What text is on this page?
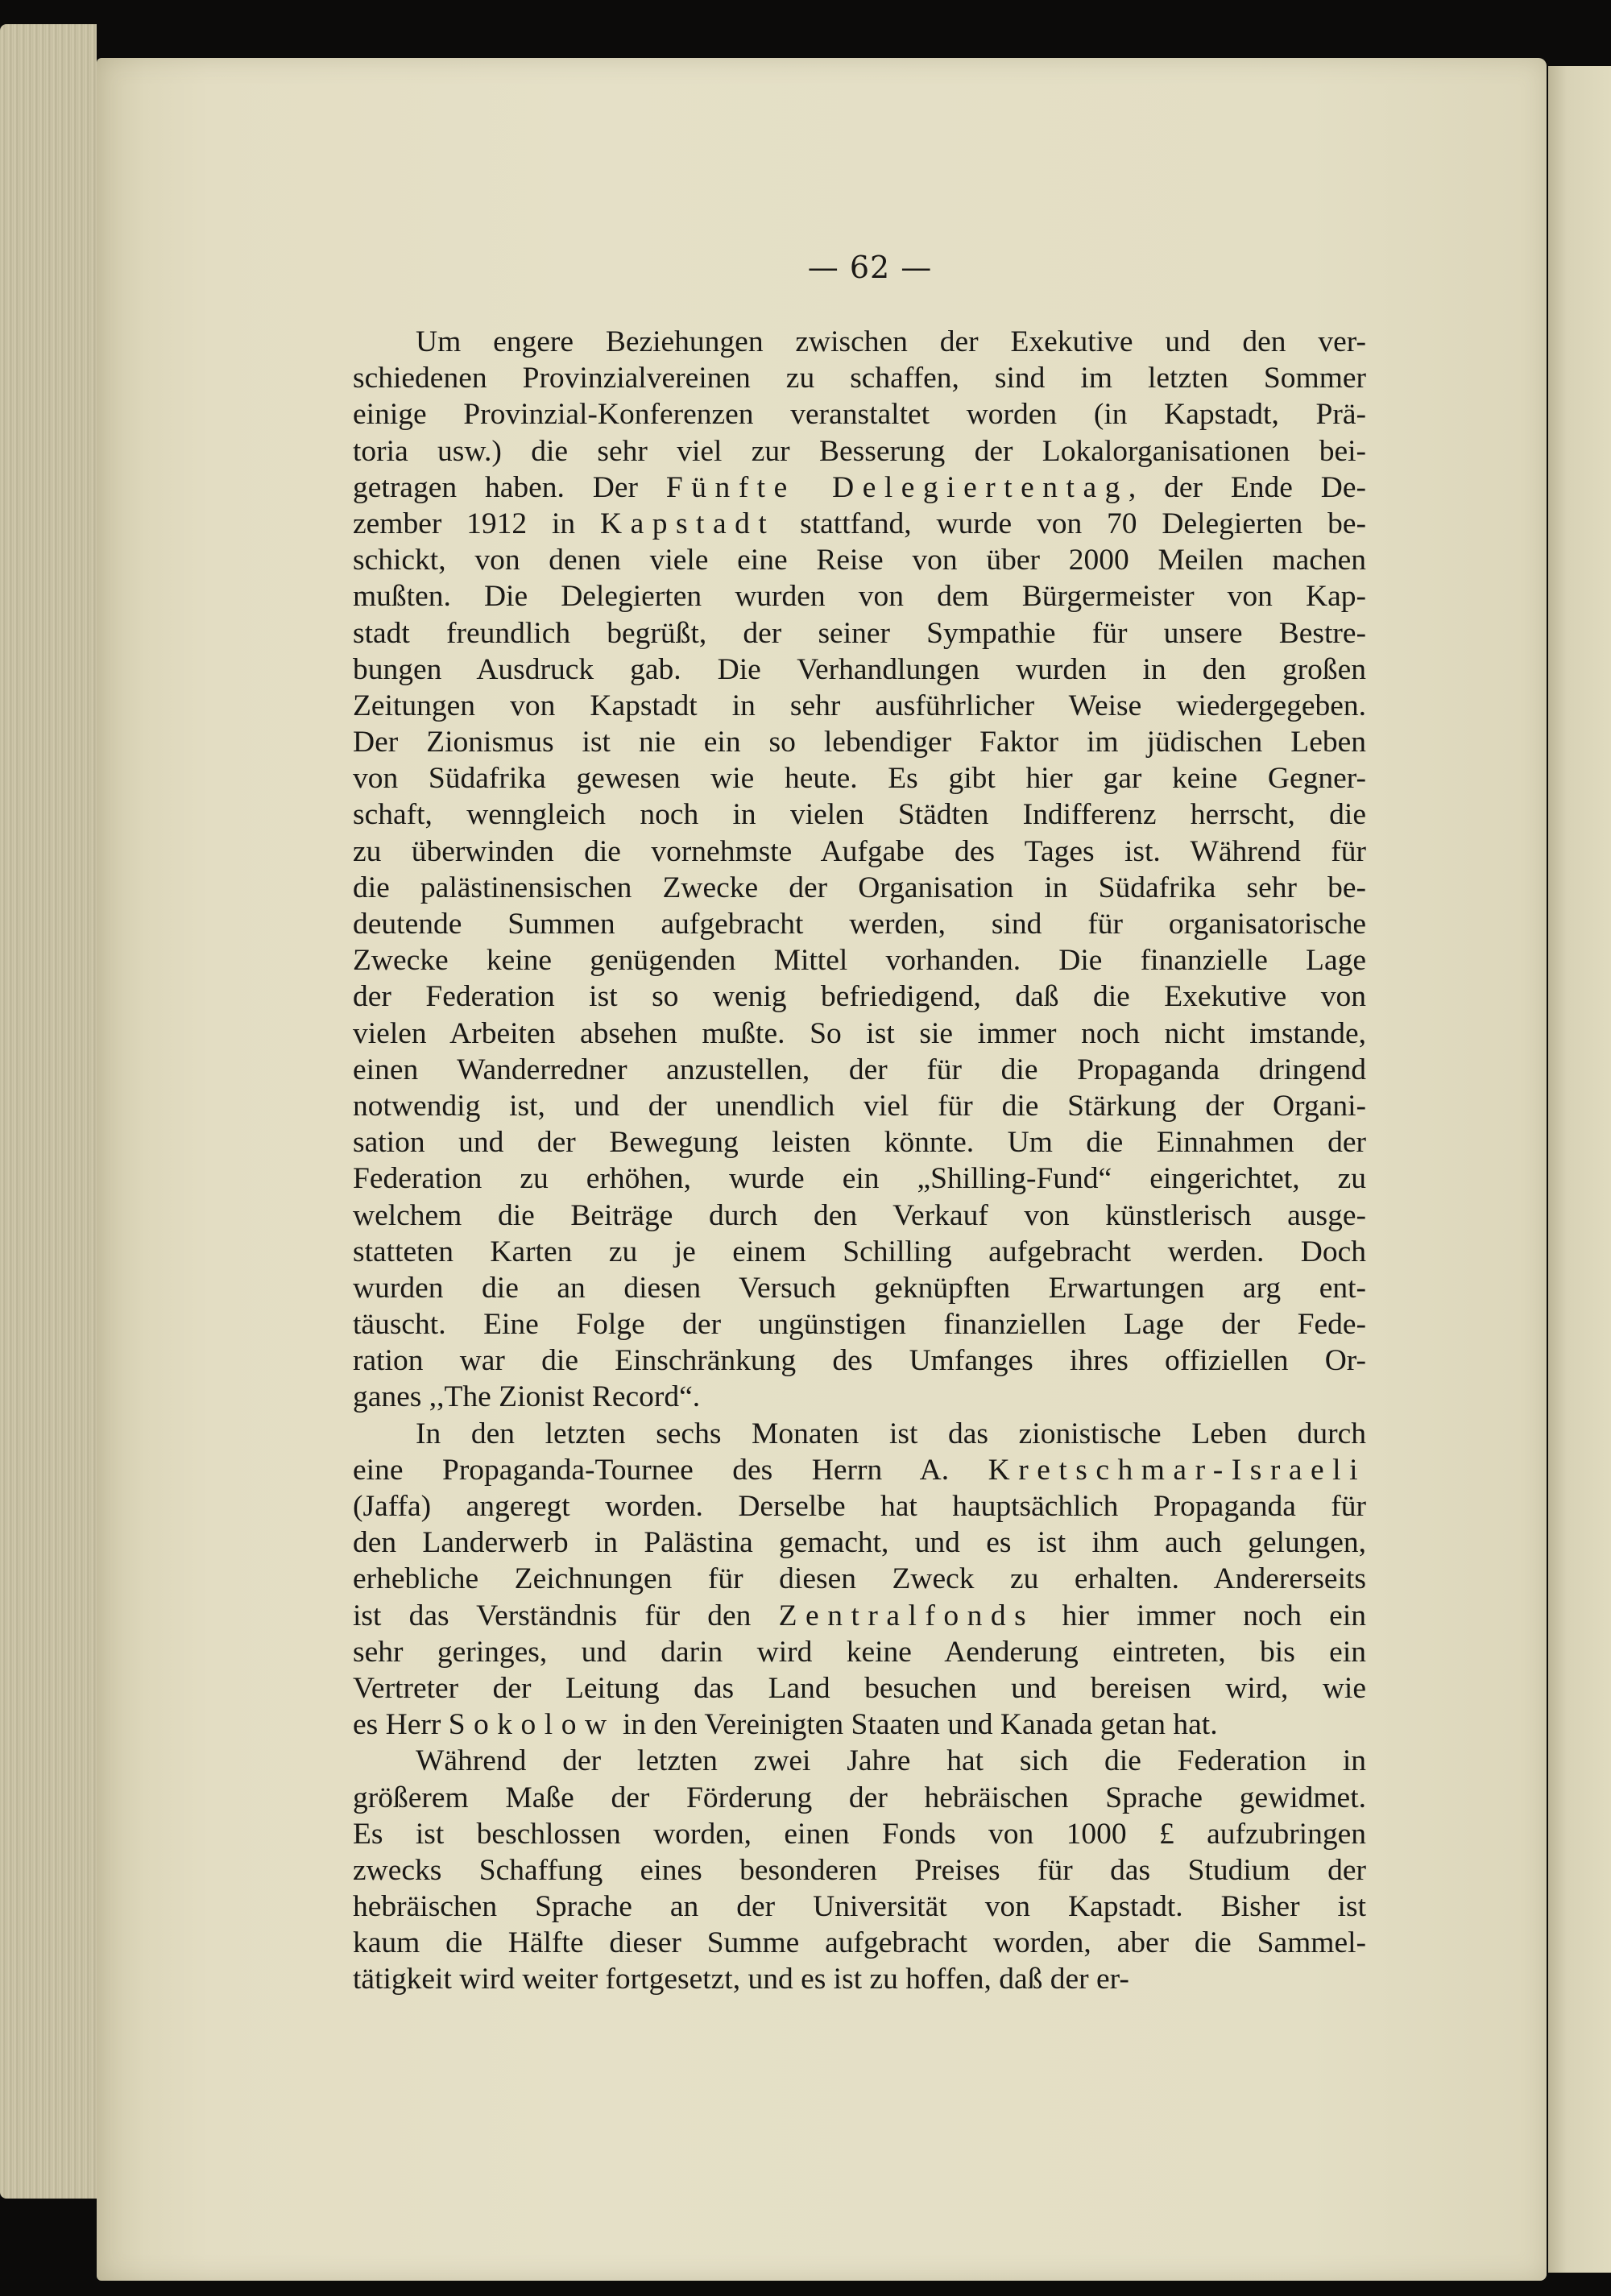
— 62 —
Um engere Beziehungen zwischen der Exekutive und den ver-
schiedenen Provinzialvereinen zu schaffen, sind im letzten Sommer
einige Provinzial-Konferenzen veranstaltet worden (in Kapstadt, Prä-
toria usw.) die sehr viel zur Besserung der Lokalorganisationen bei-
getragen haben. Der Fünfte Delegiertentag, der Ende De-
zember 1912 in Kapstadt stattfand, wurde von 70 Delegierten be-
schickt, von denen viele eine Reise von über 2000 Meilen machen
mußten. Die Delegierten wurden von dem Bürgermeister von Kap-
stadt freundlich begrüßt, der seiner Sympathie für unsere Bestre-
bungen Ausdruck gab. Die Verhandlungen wurden in den großen
Zeitungen von Kapstadt in sehr ausführlicher Weise wiedergegeben.
Der Zionismus ist nie ein so lebendiger Faktor im jüdischen Leben
von Südafrika gewesen wie heute. Es gibt hier gar keine Gegner-
schaft, wenngleich noch in vielen Städten Indifferenz herrscht, die
zu überwinden die vornehmste Aufgabe des Tages ist. Während für
die palästinensischen Zwecke der Organisation in Südafrika sehr be-
deutende Summen aufgebracht werden, sind für organisatorische
Zwecke keine genügenden Mittel vorhanden. Die finanzielle Lage
der Federation ist so wenig befriedigend, daß die Exekutive von
vielen Arbeiten absehen mußte. So ist sie immer noch nicht imstande,
einen Wanderredner anzustellen, der für die Propaganda dringend
notwendig ist, und der unendlich viel für die Stärkung der Organi-
sation und der Bewegung leisten könnte. Um die Einnahmen der
Federation zu erhöhen, wurde ein „Shilling-Fund“ eingerichtet, zu
welchem die Beiträge durch den Verkauf von künstlerisch ausge-
statteten Karten zu je einem Schilling aufgebracht werden. Doch
wurden die an diesen Versuch geknüpften Erwartungen arg ent-
täuscht. Eine Folge der ungünstigen finanziellen Lage der Fede-
ration war die Einschränkung des Umfanges ihres offiziellen Or-
ganes ,,The Zionist Record“.
In den letzten sechs Monaten ist das zionistische Leben durch
eine Propaganda-Tournee des Herrn A. Kretschmar-Israeli
(Jaffa) angeregt worden. Derselbe hat hauptsächlich Propaganda für
den Landerwerb in Palästina gemacht, und es ist ihm auch gelungen,
erhebliche Zeichnungen für diesen Zweck zu erhalten. Andererseits
ist das Verständnis für den Zentralfonds hier immer noch ein
sehr geringes, und darin wird keine Aenderung eintreten, bis ein
Vertreter der Leitung das Land besuchen und bereisen wird, wie
es Herr Sokolow in den Vereinigten Staaten und Kanada getan hat.
Während der letzten zwei Jahre hat sich die Federation in
größerem Maße der Förderung der hebräischen Sprache gewidmet.
Es ist beschlossen worden, einen Fonds von 1000 £ aufzubringen
zwecks Schaffung eines besonderen Preises für das Studium der
hebräischen Sprache an der Universität von Kapstadt. Bisher ist
kaum die Hälfte dieser Summe aufgebracht worden, aber die Sammel-
tätigkeit wird weiter fortgesetzt, und es ist zu hoffen, daß der er-
